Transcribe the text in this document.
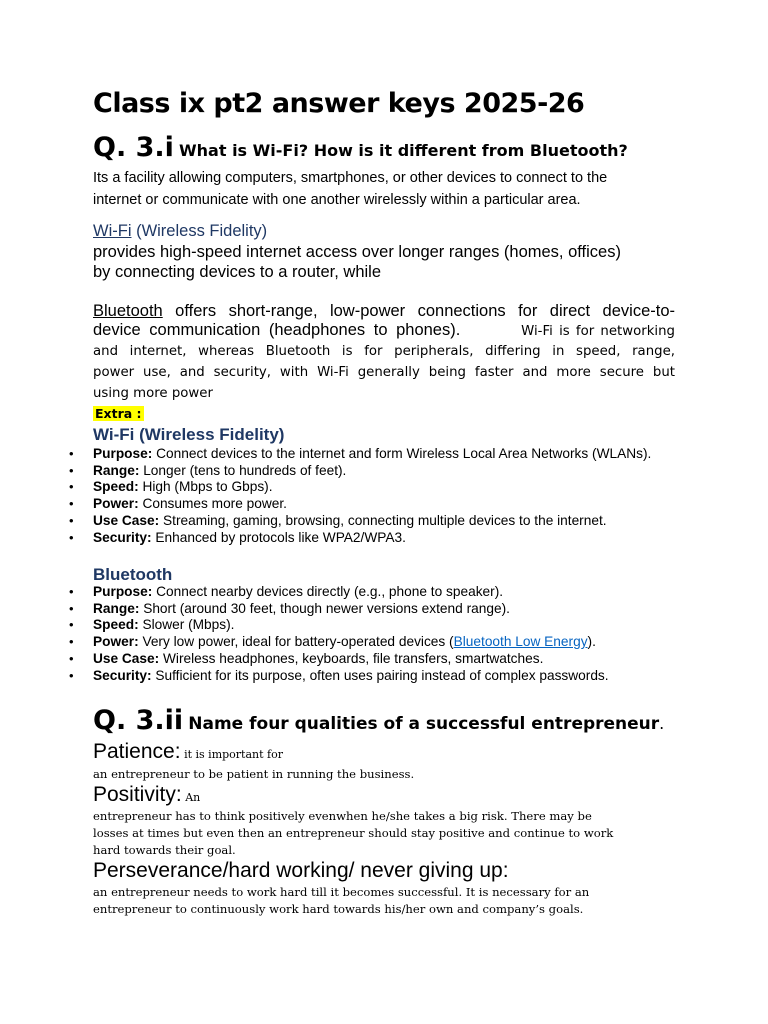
Class ix pt2 answer keys 2025-26
Q. 3.i What is Wi-Fi? How is it different from Bluetooth?
Its a facility allowing computers, smartphones, or other devices to connect to the
internet or communicate with one another wirelessly within a particular area.
Wi-Fi (Wireless Fidelity)
provides high-speed internet access over longer ranges (homes, offices)
by connecting devices to a router, while
Bluetooth offers short-range, low-power connections for direct device-to-
device communication (headphones to phones).	Wi-Fi is for networking
and internet, whereas Bluetooth is for peripherals, differing in speed, range,
power use, and security, with Wi-Fi generally being faster and more secure but
using more power
Extra :
Wi-Fi (Wireless Fidelity)
• Purpose: Connect devices to the internet and form Wireless Local Area Networks (WLANs).
• Range: Longer (tens to hundreds of feet).
• Speed: High (Mbps to Gbps).
• Power: Consumes more power.
• Use Case: Streaming, gaming, browsing, connecting multiple devices to the internet.
• Security: Enhanced by protocols like WPA2/WPA3.
Bluetooth
• Purpose: Connect nearby devices directly (e.g., phone to speaker).
• Range: Short (around 30 feet, though newer versions extend range).
• Speed: Slower (Mbps).
• Power: Very low power, ideal for battery-operated devices (Bluetooth Low Energy).
• Use Case: Wireless headphones, keyboards, file transfers, smartwatches.
• Security: Sufficient for its purpose, often uses pairing instead of complex passwords.
Q. 3.ii Name four qualities of a successful entrepreneur.
Patience: it is important for
an entrepreneur to be patient in running the business.
Positivity: An
entrepreneur has to think positively evenwhen he/she takes a big risk. There may be
losses at times but even then an entrepreneur should stay positive and continue to work
hard towards their goal.
Perseverance/hard working/ never giving up:
an entrepreneur needs to work hard till it becomes successful. It is necessary for an
entrepreneur to continuously work hard towards his/her own and company’s goals.
